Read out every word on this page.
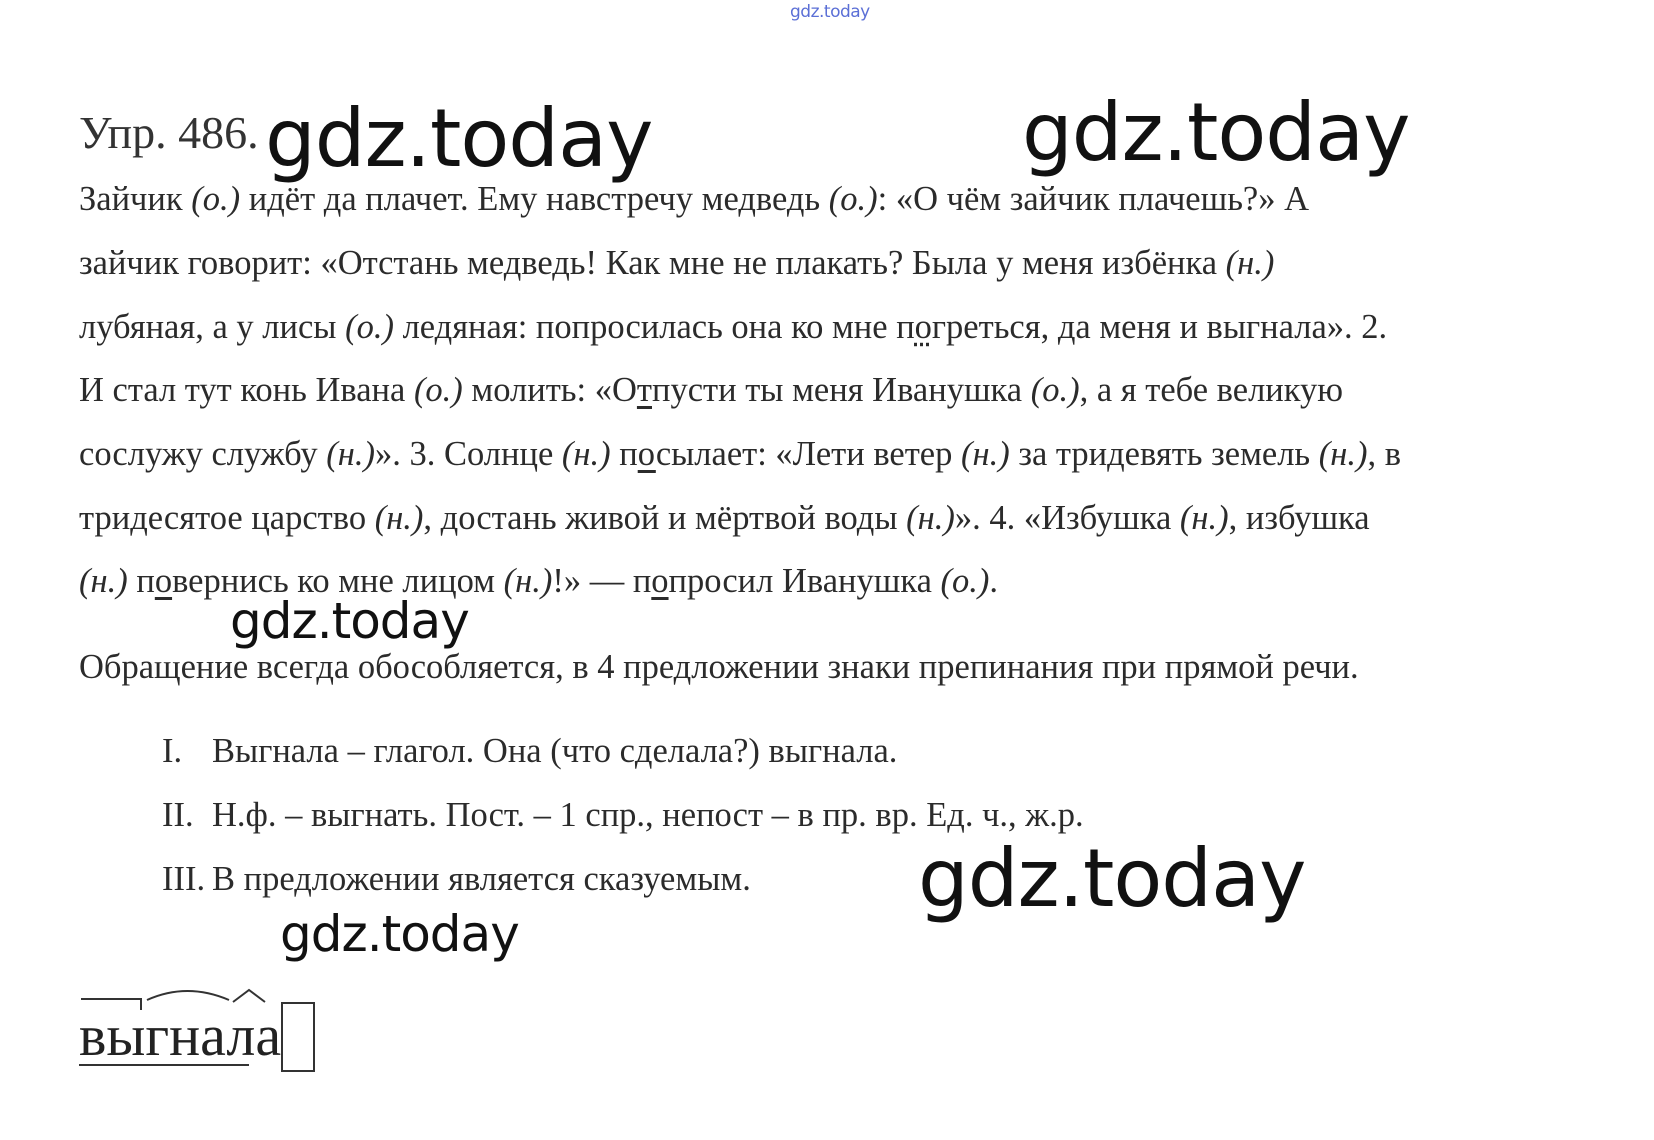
gdz.today
Упр. 486. gdz.today	gdz.today
Зайчик (о.) идёт да плачет. Ему навстречу медведь (о.): «О чём зайчик плачешь?» А
зайчик говорит: «Отстань медведь! Как мне не плакать? Была у меня избёнка (н.)
лубяная, а у лисы (о.) ледяная: попросилась она ко мне погреться, да меня и выгнала». 2.
И стал тут конь Ивана (о.) молить: «Отпусти ты меня Иванушка (о.), а я тебе великую
сослужу службу (н.)». 3. Солнце (н.) посылает: «Лети ветер (н.) за тридевять земель (н.), в
тридесятое царство (н.), достань живой и мёртвой воды (н.)». 4. «Избушка (н.), избушка
(н.) повернись ко мне лицом (н.)!» — попросил Иванушка (о.).
gdz.today
Обращение всегда обособляется, в 4 предложении знаки препинания при прямой речи.
I. Выгнала – глагол. Она (что сделала?) выгнала.
II. Н.ф. – выгнать. Пост. – 1 спр., непост – в пр. вр. Ед. ч., ж.р.
III. В предложении является сказуемым. gdz.today
выгнала
gdz.today
